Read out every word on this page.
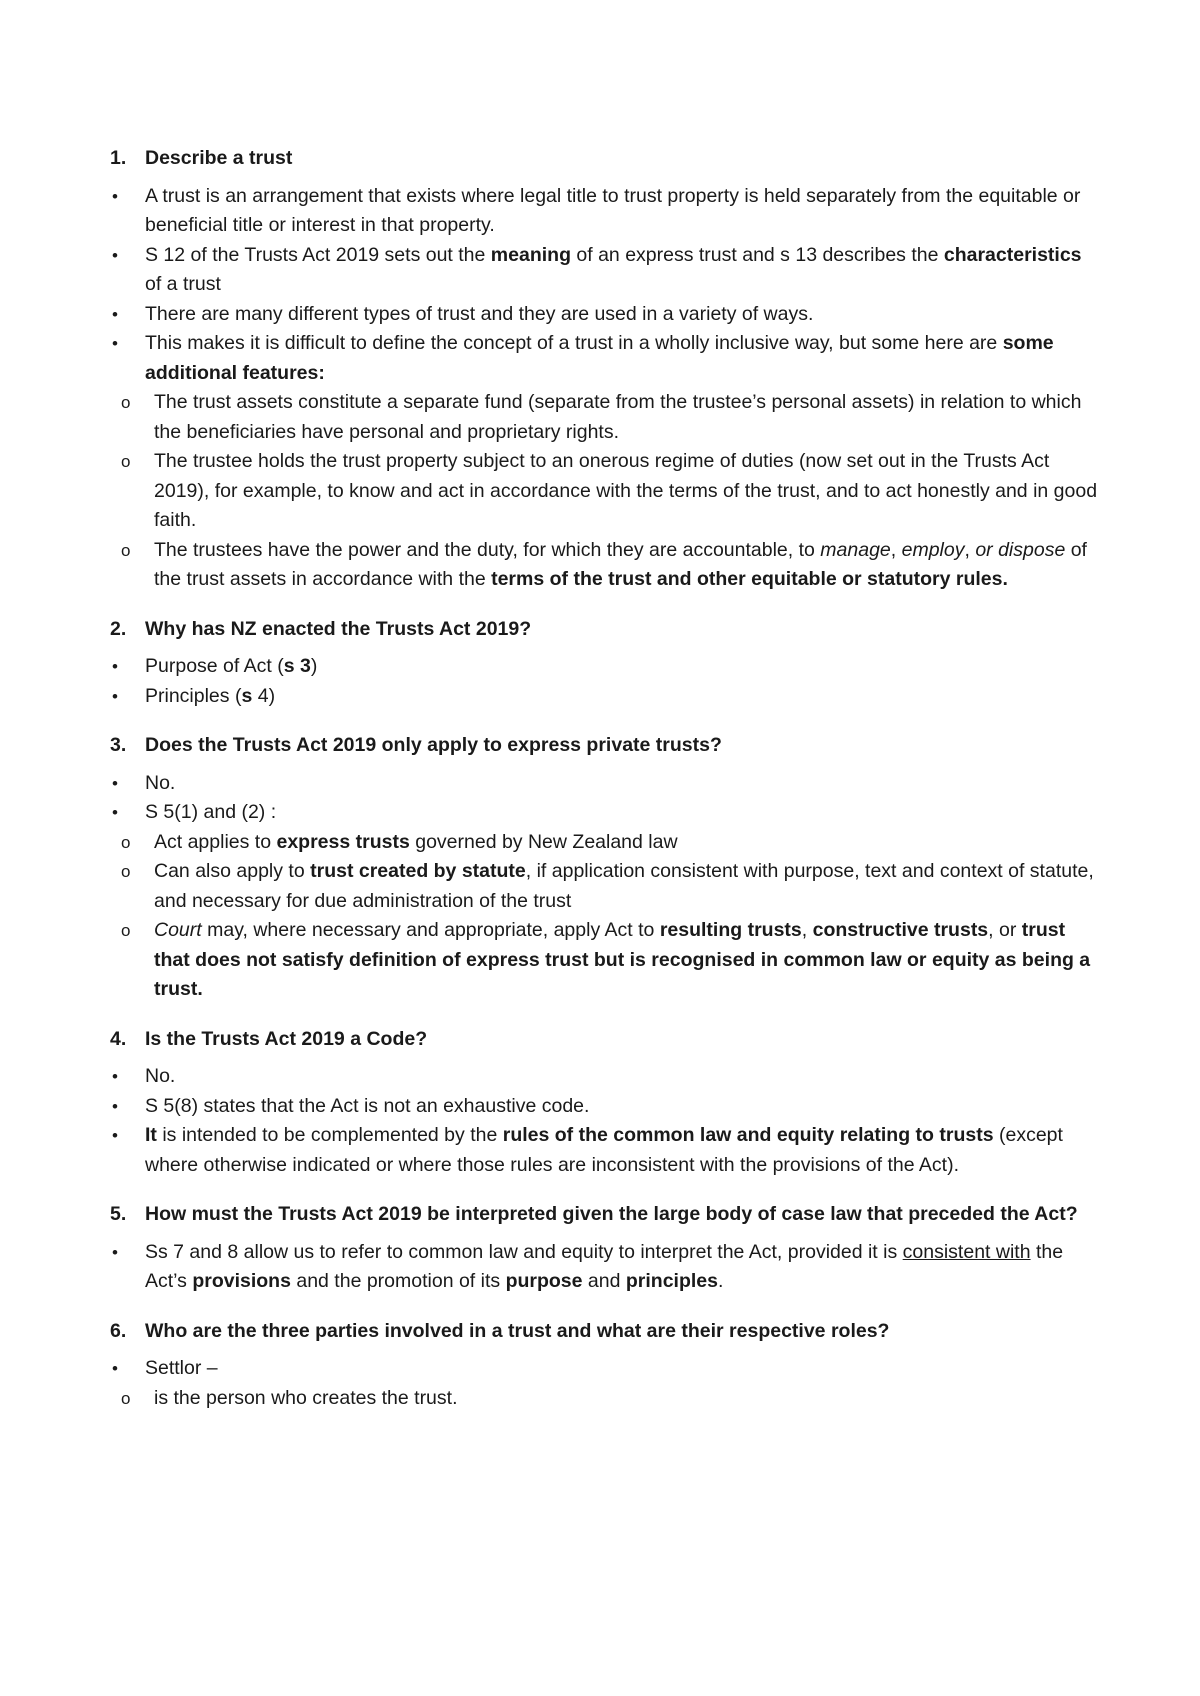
1. Describe a trust
• A trust is an arrangement that exists where legal title to trust property is held separately from the equitable or beneficial title or interest in that property.
• S 12 of the Trusts Act 2019 sets out the meaning of an express trust and s 13 describes the characteristics of a trust
• There are many different types of trust and they are used in a variety of ways.
• This makes it is difficult to define the concept of a trust in a wholly inclusive way, but some here are some additional features:
o The trust assets constitute a separate fund (separate from the trustee’s personal assets) in relation to which the beneficiaries have personal and proprietary rights.
o The trustee holds the trust property subject to an onerous regime of duties (now set out in the Trusts Act 2019), for example, to know and act in accordance with the terms of the trust, and to act honestly and in good faith.
o The trustees have the power and the duty, for which they are accountable, to manage, employ, or dispose of the trust assets in accordance with the terms of the trust and other equitable or statutory rules.
2. Why has NZ enacted the Trusts Act 2019?
• Purpose of Act (s 3)
• Principles (s 4)
3. Does the Trusts Act 2019 only apply to express private trusts?
• No.
• S 5(1) and (2) :
o Act applies to express trusts governed by New Zealand law
o Can also apply to trust created by statute, if application consistent with purpose, text and context of statute, and necessary for due administration of the trust
o Court may, where necessary and appropriate, apply Act to resulting trusts, constructive trusts, or trust that does not satisfy definition of express trust but is recognised in common law or equity as being a trust.
4. Is the Trusts Act 2019 a Code?
• No.
• S 5(8) states that the Act is not an exhaustive code.
• It is intended to be complemented by the rules of the common law and equity relating to trusts (except where otherwise indicated or where those rules are inconsistent with the provisions of the Act).
5. How must the Trusts Act 2019 be interpreted given the large body of case law that preceded the Act?
• Ss 7 and 8 allow us to refer to common law and equity to interpret the Act, provided it is consistent with the Act’s provisions and the promotion of its purpose and principles.
6. Who are the three parties involved in a trust and what are their respective roles?
• Settlor –
o is the person who creates the trust.
